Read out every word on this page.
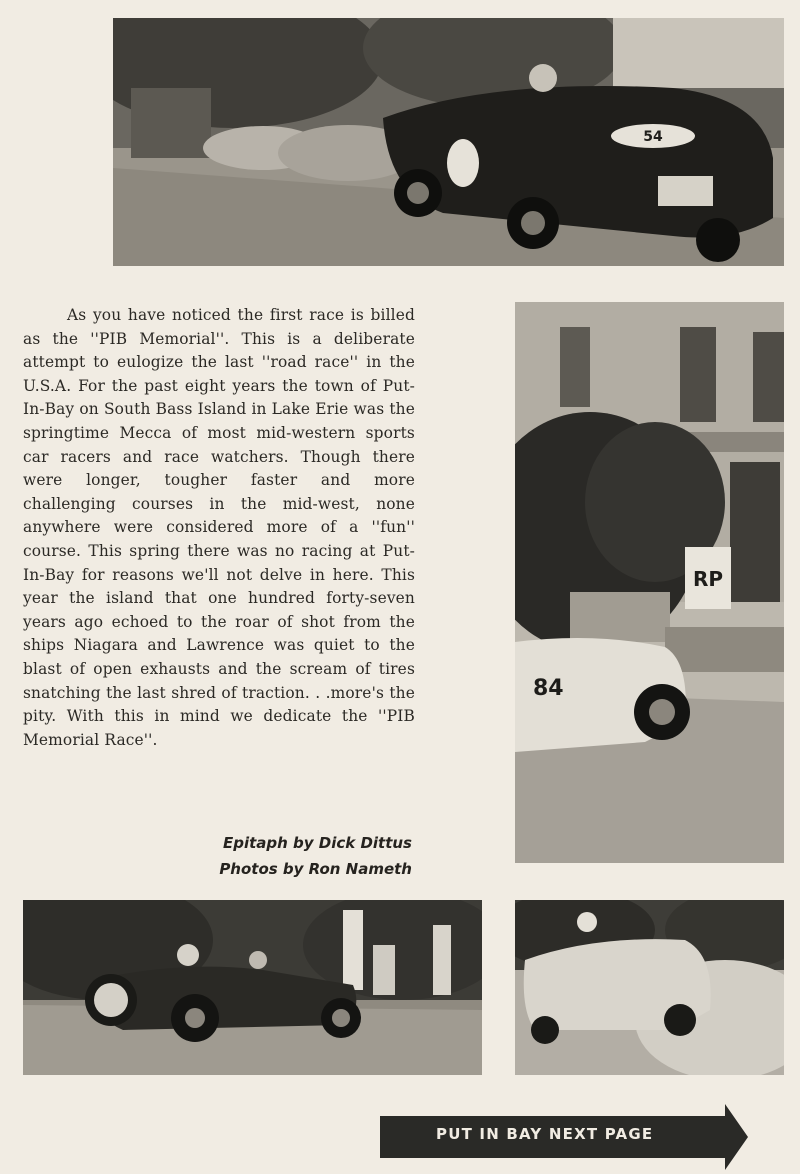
54
RP
84

As you have noticed the first race is billed as the ''PIB Memorial''. This is a deliberate attempt to eulogize the last ''road race'' in the U.S.A. For the past eight years the town of Put-In-Bay on South Bass Island in Lake Erie was the springtime Mecca of most mid-western sports car racers and race watchers. Though there were longer, tougher faster and more challenging courses in the mid-west, none anywhere were considered more of a ''fun'' course. This spring there was no racing at Put-In-Bay for reasons we'll not delve in here. This year the island that one hundred forty-seven years ago echoed to the roar of shot from the ships Niagara and Lawrence was quiet to the blast of open exhausts and the scream of tires snatching the last shred of traction. . .more's the pity. With this in mind we dedicate the ''PIB Memorial Race''.

Epitaph by Dick Dittus
Photos by Ron Nameth
PUT IN BAY NEXT PAGE
